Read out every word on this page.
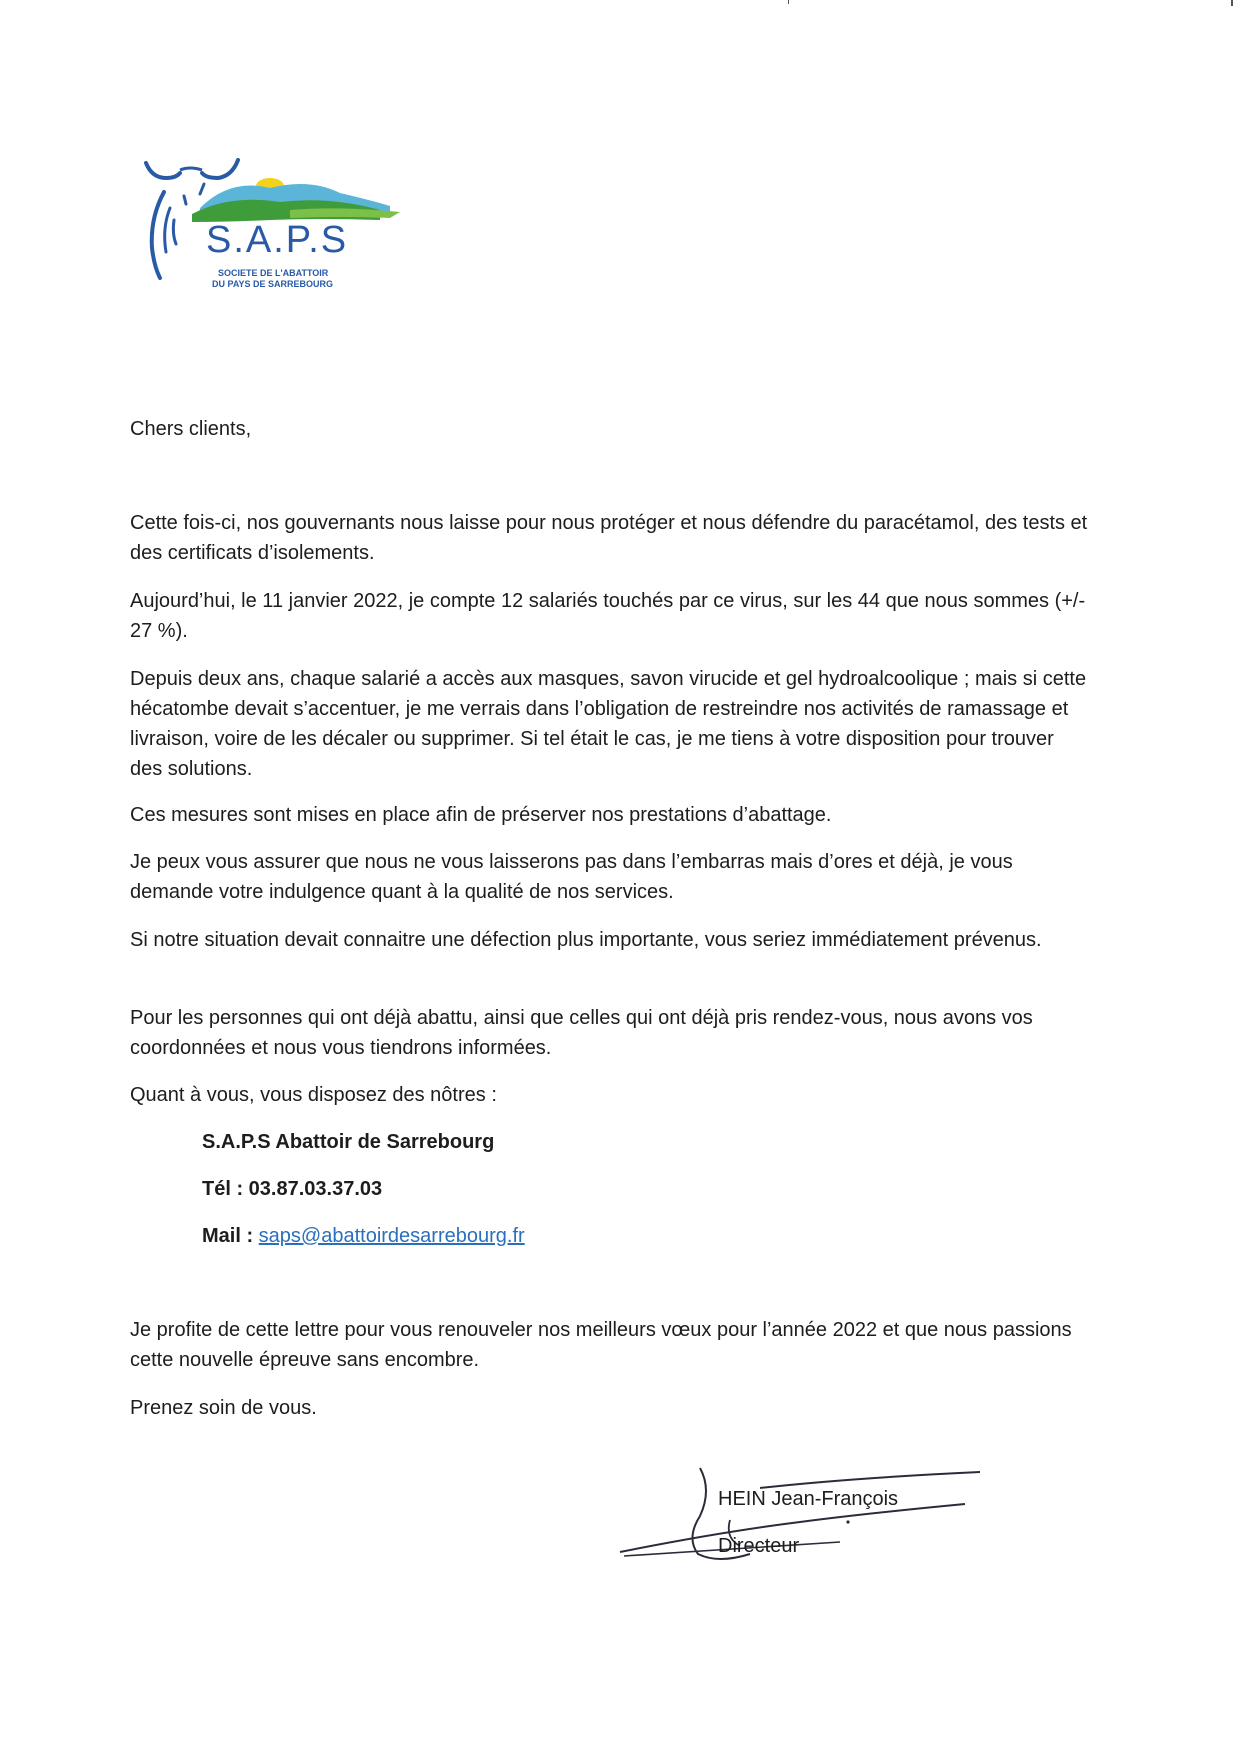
S.A.P.S
SOCIETE DE L'ABATTOIR
DU PAYS DE SARREBOURG

Chers clients,

Cette fois-ci, nos gouvernants nous laisse pour nous protéger et nous défendre du paracétamol, des tests et des certificats d’isolements.

Aujourd’hui, le 11 janvier 2022, je compte 12 salariés touchés par ce virus, sur les 44 que nous sommes (+/- 27 %).

Depuis deux ans, chaque salarié a accès aux masques, savon virucide et gel hydroalcoolique ; mais si cette hécatombe devait s’accentuer, je me verrais dans l’obligation de restreindre nos activités de ramassage et livraison, voire de les décaler ou supprimer. Si tel était le cas, je me tiens à votre disposition pour trouver des solutions.

Ces mesures sont mises en place afin de préserver nos prestations d’abattage.

Je peux vous assurer que nous ne vous laisserons pas dans l’embarras mais d’ores et déjà, je vous demande votre indulgence quant à la qualité de nos services.

Si notre situation devait connaitre une défection plus importante, vous seriez immédiatement prévenus.

Pour les personnes qui ont déjà abattu, ainsi que celles qui ont déjà pris rendez-vous, nous avons vos coordonnées et nous vous tiendrons informées.

Quant à vous, vous disposez des nôtres :

S.A.P.S Abattoir de Sarrebourg

Tél : 03.87.03.37.03

Mail : saps@abattoirdesarrebourg.fr

Je profite de cette lettre pour vous renouveler nos meilleurs vœux pour l’année 2022 et que nous passions cette nouvelle épreuve sans encombre.

Prenez soin de vous.

HEIN Jean-François

Directeur
